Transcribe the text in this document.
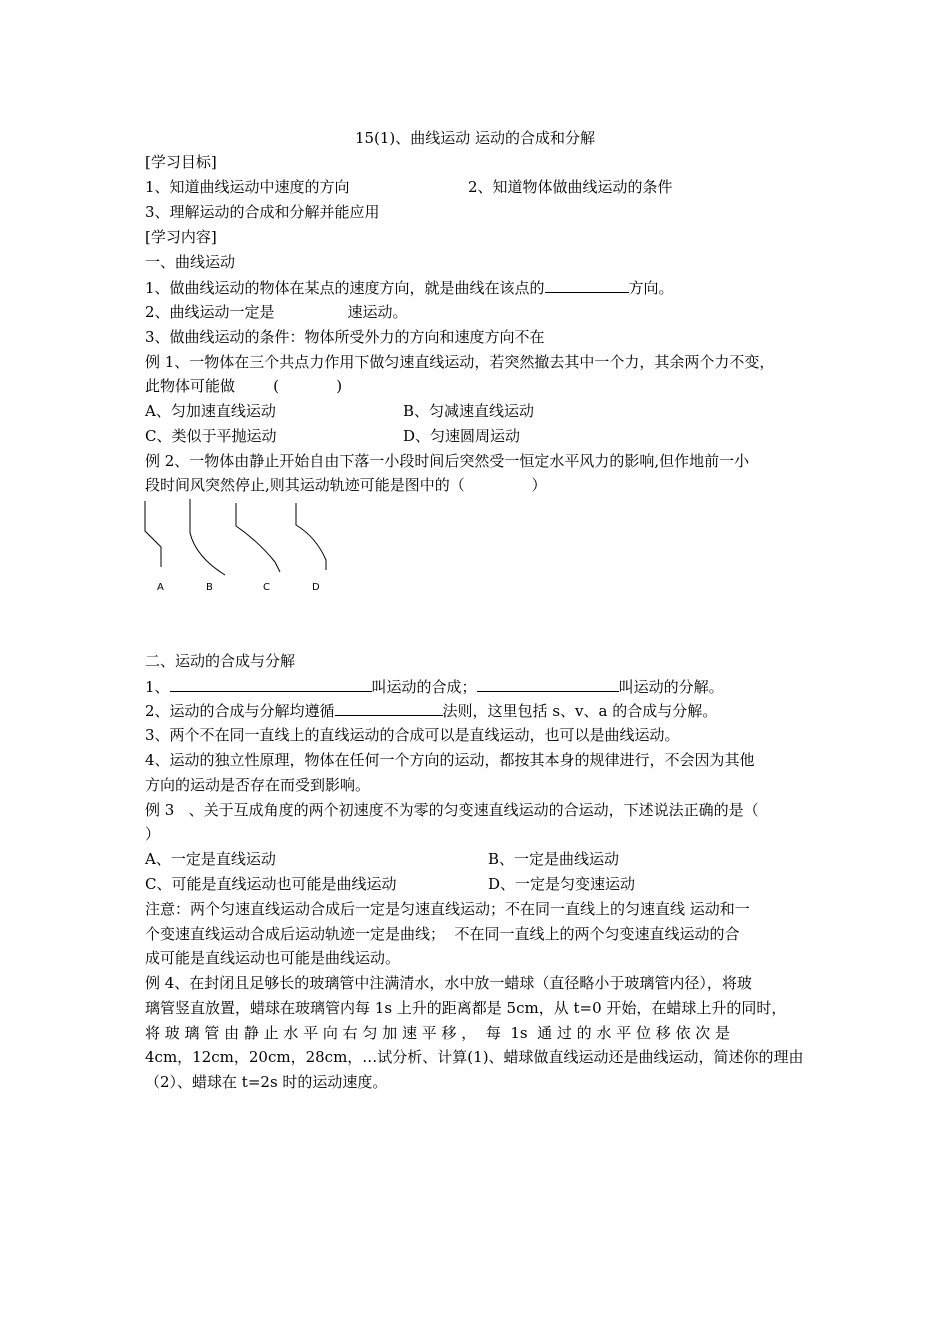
15(1)、曲线运动 运动的合成和分解
[学习目标]
1、知道曲线运动中速度的方向	2、知道物体做曲线运动的条件
3、理解运动的合成和分解并能应用
[学习内容]
一、曲线运动
1、做曲线运动的物体在某点的速度方向，就是曲线在该点的	方向。
2、曲线运动一定是	速运动。
3、做曲线运动的条件：物体所受外力的方向和速度方向不在
例 1、一物体在三个共点力作用下做匀速直线运动，若突然撤去其中一个力，其余两个力不变，
此物体可能做        (            )
A、匀加速直线运动	B、匀减速直线运动
C、类似于平抛运动	D、匀速圆周运动
例 2、一物体由静止开始自由下落一小段时间后突然受一恒定水平风力的影响,但作地前一小
段时间风突然停止,则其运动轨迹可能是图中的（              ）
A	B	C	D
二、运动的合成与分解
1、	叫运动的合成；	叫运动的分解。
2、运动的合成与分解均遵循	法则，这里包括 s、v、a 的合成与分解。
3、两个不在同一直线上的直线运动的合成可以是直线运动，也可以是曲线运动。
4、运动的独立性原理，物体在任何一个方向的运动，都按其本身的规律进行，不会因为其他
方向的运动是否存在而受到影响。
例 3   、关于互成角度的两个初速度不为零的匀变速直线运动的合运动，下述说法正确的是（
）
A、一定是直线运动	B、一定是曲线运动
C、可能是直线运动也可能是曲线运动	D、一定是匀变速运动
注意：两个匀速直线运动合成后一定是匀速直线运动；不在同一直线上的匀速直线 运动和一
个变速直线运动合成后运动轨迹一定是曲线；  不在同一直线上的两个匀变速直线运动的合
成可能是直线运动也可能是曲线运动。
例 4、在封闭且足够长的玻璃管中注满清水，水中放一蜡球（直径略小于玻璃管内径），将玻
璃管竖直放置，蜡球在玻璃管内每 1s 上升的距离都是 5cm，从 t=0 开始，在蜡球上升的同时，
将 玻 璃 管 由 静 止 水 平 向 右 匀 加 速 平 移 ，  每  1s  通 过 的 水 平 位 移 依 次 是
4cm，12cm，20cm，28cm，…试分析、计算(1)、蜡球做直线运动还是曲线运动，简述你的理由
（2）、蜡球在 t=2s 时的运动速度。
